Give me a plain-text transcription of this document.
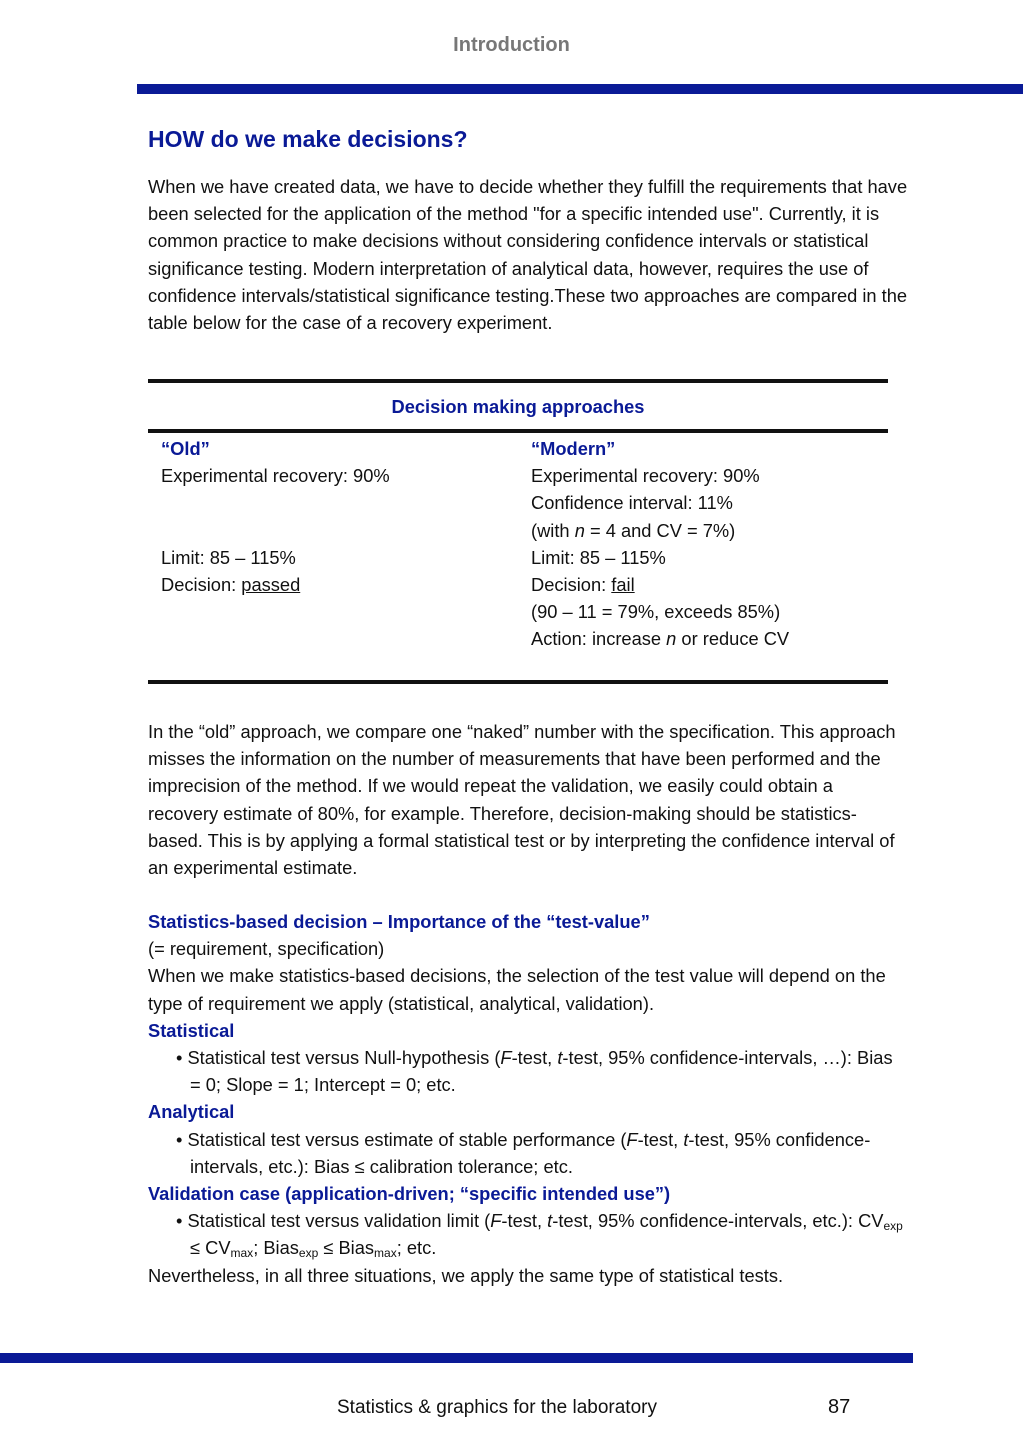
Introduction
HOW do we make decisions?

When we have created data, we have to decide whether they fulfill the requirements that have been selected for the application of the method "for a specific intended use". Currently, it is common practice to make decisions without considering confidence intervals or statistical significance testing. Modern interpretation of analytical data, however, requires the use of confidence intervals/statistical significance testing.These two approaches are compared in the table below for the case of a recovery experiment.

Decision making approaches
“Old”
Experimental recovery: 90%
Limit: 85 – 115%
Decision: passed
“Modern”
Experimental recovery: 90%
Confidence interval: 11%
(with n = 4 and CV = 7%)
Limit: 85 – 115%
Decision: fail
(90 – 11 = 79%, exceeds 85%)
Action: increase n or reduce CV

In the “old” approach, we compare one “naked” number with the specification. This approach misses the information on the number of measurements that have been performed and the imprecision of the method. If we would repeat the validation, we easily could obtain a recovery estimate of 80%, for example. Therefore, decision-making should be statistics-based. This is by applying a formal statistical test or by interpreting the confidence interval of an experimental estimate.

Statistics-based decision – Importance of the “test-value”
(= requirement, specification)
When we make statistics-based decisions, the selection of the test value will depend on the type of requirement we apply (statistical, analytical, validation).
Statistical
• Statistical test versus Null-hypothesis (F-test, t-test, 95% confidence-intervals, …): Bias = 0; Slope = 1; Intercept = 0; etc.
Analytical
• Statistical test versus estimate of stable performance (F-test, t-test, 95% confidence-intervals, etc.): Bias ≤ calibration tolerance; etc.
Validation case (application-driven; “specific intended use”)
• Statistical test versus validation limit (F-test, t-test, 95% confidence-intervals, etc.): $CV_{exp} \le CV_{max}$; Bias$_{exp}$ ≤ Bias$_{max}$; etc.
Nevertheless, in all three situations, we apply the same type of statistical tests.
Statistics & graphics for the laboratory	87
